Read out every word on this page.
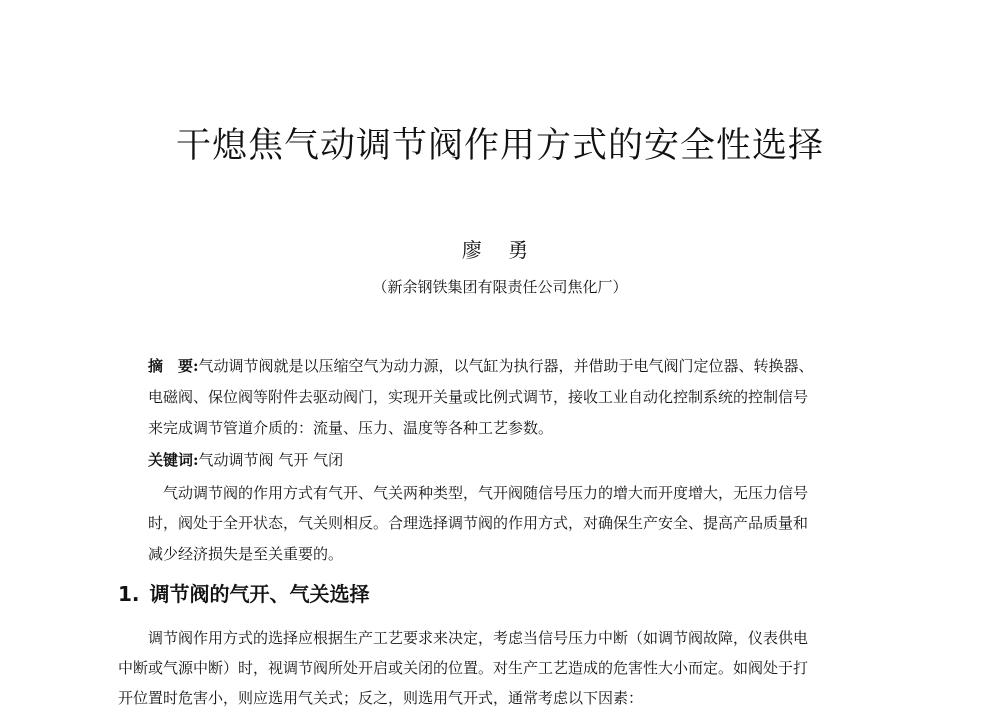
干熄焦气动调节阀作用方式的安全性选择
廖 勇
（新余钢铁集团有限责任公司焦化厂）
摘　要:气动调节阀就是以压缩空气为动力源，以气缸为执行器，并借助于电气阀门定位器、转换器、
电磁阀、保位阀等附件去驱动阀门，实现开关量或比例式调节，接收工业自动化控制系统的控制信号
来完成调节管道介质的：流量、压力、温度等各种工艺参数。
关键词:气动调节阀 气开 气闭
气动调节阀的作用方式有气开、气关两种类型，气开阀随信号压力的增大而开度增大，无压力信号
时，阀处于全开状态，气关则相反。合理选择调节阀的作用方式，对确保生产安全、提高产品质量和
减少经济损失是至关重要的。
1. 调节阀的气开、气关选择
调节阀作用方式的选择应根据生产工艺要求来决定，考虑当信号压力中断（如调节阀故障，仪表供电
中断或气源中断）时，视调节阀所处开启或关闭的位置。对生产工艺造成的危害性大小而定。如阀处于打
开位置时危害小，则应选用气关式；反之，则选用气开式，通常考虑以下因素：
